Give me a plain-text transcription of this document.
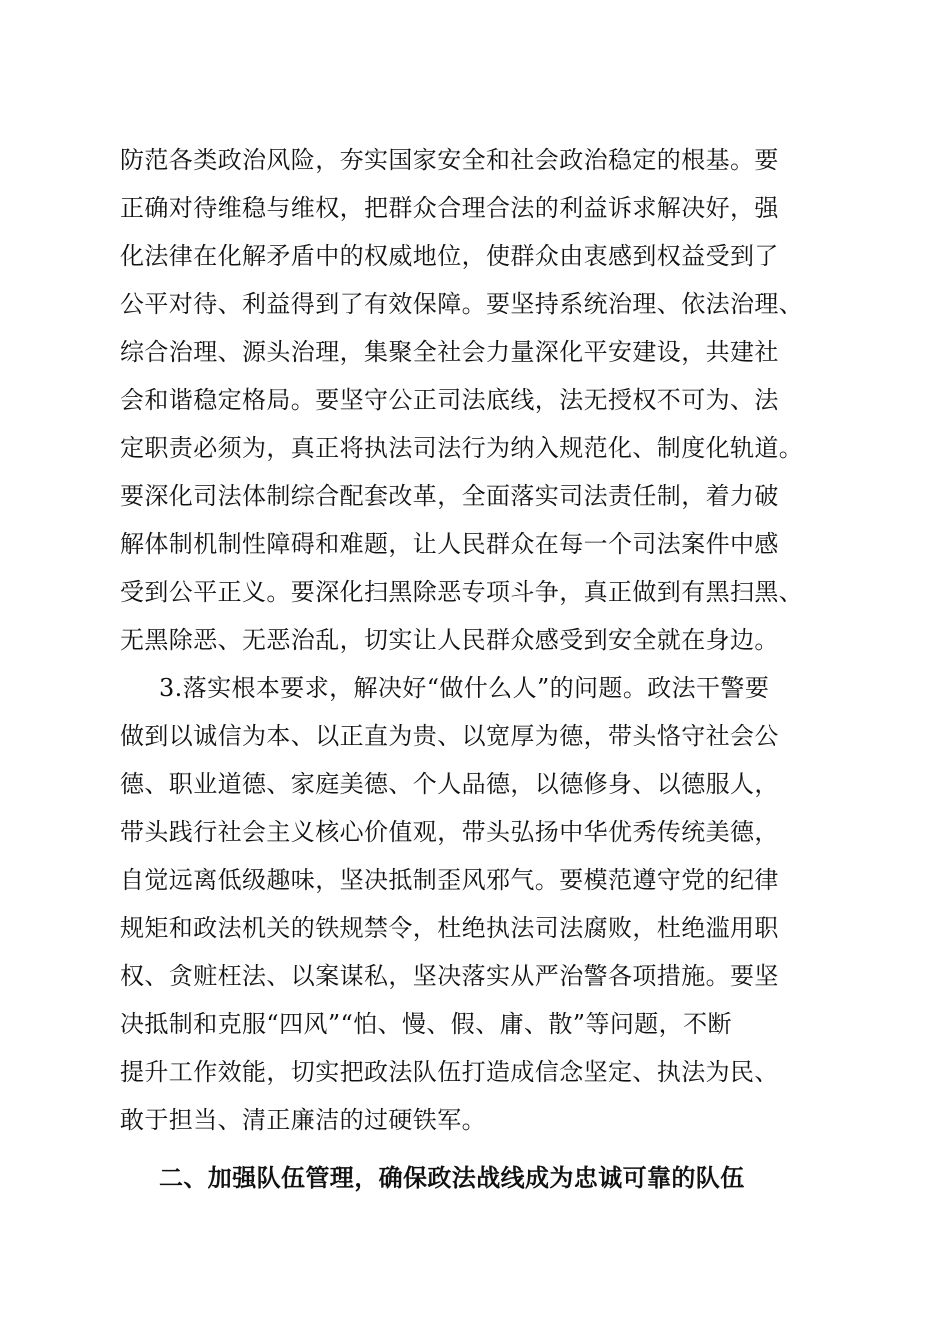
防范各类政治风险，夯实国家安全和社会政治稳定的根基。要
正确对待维稳与维权，把群众合理合法的利益诉求解决好，强
化法律在化解矛盾中的权威地位，使群众由衷感到权益受到了
公平对待、利益得到了有效保障。要坚持系统治理、依法治理、
综合治理、源头治理，集聚全社会力量深化平安建设，共建社
会和谐稳定格局。要坚守公正司法底线，法无授权不可为、法
定职责必须为，真正将执法司法行为纳入规范化、制度化轨道。
要深化司法体制综合配套改革，全面落实司法责任制，着力破
解体制机制性障碍和难题，让人民群众在每一个司法案件中感
受到公平正义。要深化扫黑除恶专项斗争，真正做到有黑扫黑、
无黑除恶、无恶治乱，切实让人民群众感受到安全就在身边。
3.落实根本要求，解决好“做什么人”的问题。政法干警要
做到以诚信为本、以正直为贵、以宽厚为德，带头恪守社会公
德、职业道德、家庭美德、个人品德，以德修身、以德服人，
带头践行社会主义核心价值观，带头弘扬中华优秀传统美德，
自觉远离低级趣味，坚决抵制歪风邪气。要模范遵守党的纪律
规矩和政法机关的铁规禁令，杜绝执法司法腐败，杜绝滥用职
权、贪赃枉法、以案谋私，坚决落实从严治警各项措施。要坚
决抵制和克服“四风”“怕、慢、假、庸、散”等问题，不断
提升工作效能，切实把政法队伍打造成信念坚定、执法为民、
敢于担当、清正廉洁的过硬铁军。
二、加强队伍管理，确保政法战线成为忠诚可靠的队伍
